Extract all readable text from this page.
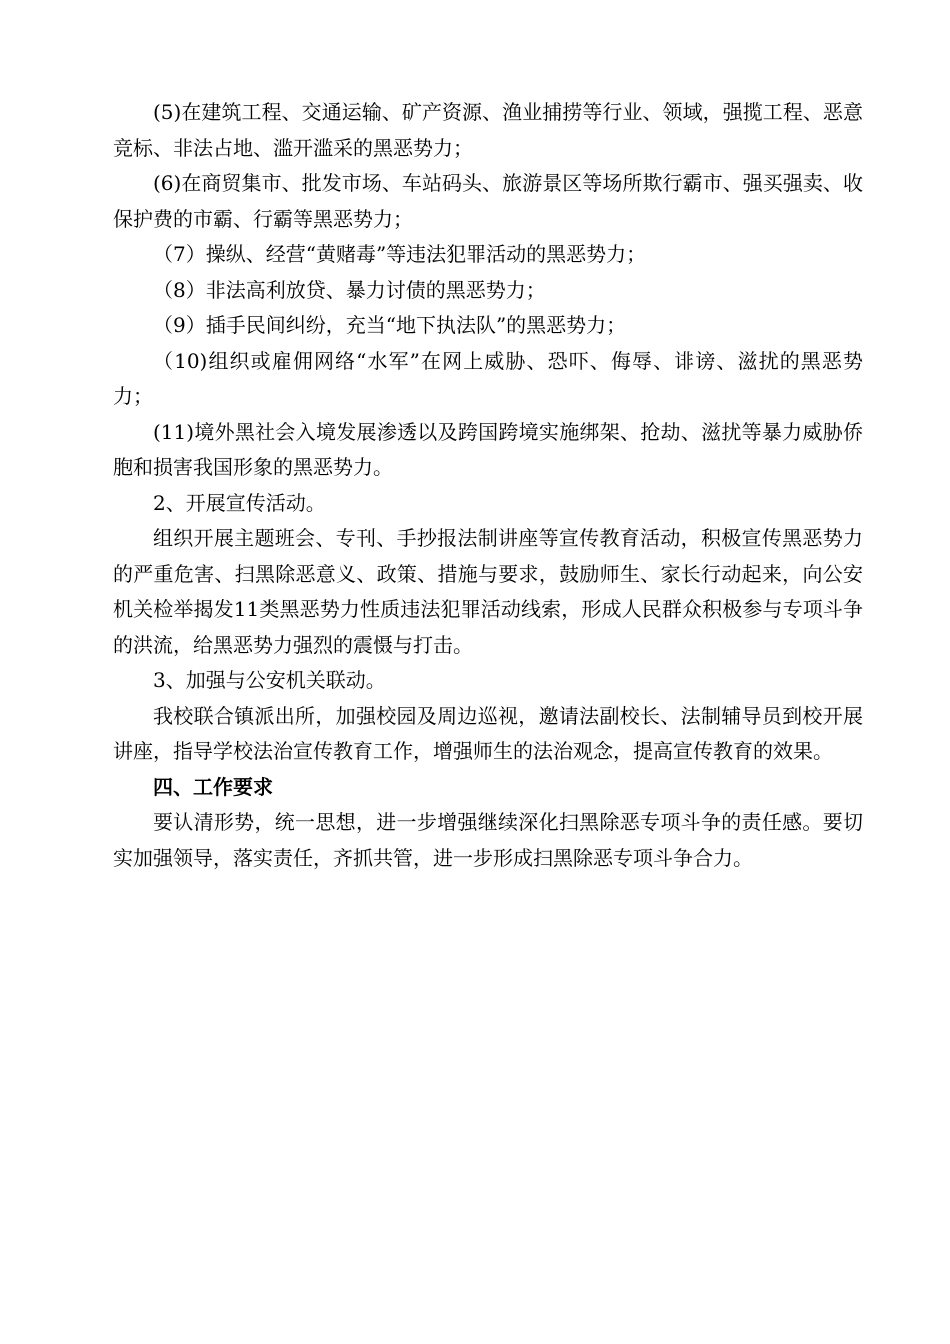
(5)在建筑工程、交通运输、矿产资源、渔业捕捞等行业、领域，强揽工程、恶意竞标、非法占地、滥开滥采的黑恶势力；

(6)在商贸集市、批发市场、车站码头、旅游景区等场所欺行霸市、强买强卖、收保护费的市霸、行霸等黑恶势力；

（7）操纵、经营“黄赌毒”等违法犯罪活动的黑恶势力；

（8）非法高利放贷、暴力讨债的黑恶势力；

（9）插手民间纠纷，充当“地下执法队”的黑恶势力；

（10)组织或雇佣网络“水军”在网上威胁、恐吓、侮辱、诽谤、滋扰的黑恶势力；

(11)境外黑社会入境发展渗透以及跨国跨境实施绑架、抢劫、滋扰等暴力威胁侨胞和损害我国形象的黑恶势力。

2、开展宣传活动。

组织开展主题班会、专刊、手抄报法制讲座等宣传教育活动，积极宣传黑恶势力的严重危害、扫黑除恶意义、政策、措施与要求，鼓励师生、家长行动起来，向公安机关检举揭发11类黑恶势力性质违法犯罪活动线索，形成人民群众积极参与专项斗争的洪流，给黑恶势力强烈的震慑与打击。

3、加强与公安机关联动。

我校联合镇派出所，加强校园及周边巡视，邀请法副校长、法制辅导员到校开展讲座，指导学校法治宣传教育工作，增强师生的法治观念，提高宣传教育的效果。

四、工作要求

要认清形势，统一思想，进一步增强继续深化扫黑除恶专项斗争的责任感。要切实加强领导，落实责任，齐抓共管，进一步形成扫黑除恶专项斗争合力。
